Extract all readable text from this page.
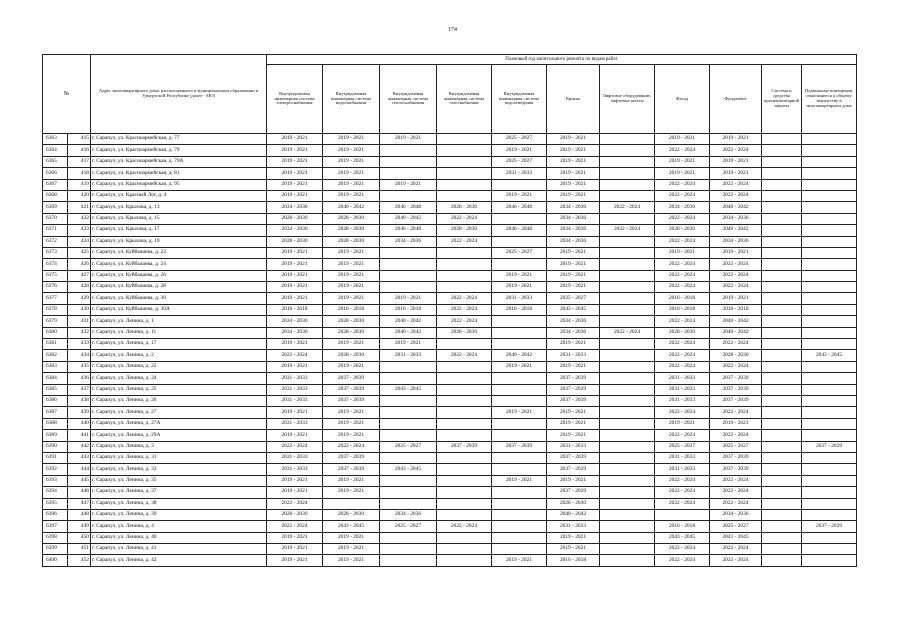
174
№		Адрес многоквартирного дома, расположенного в муниципальном образовании в Удмуртской Республике (далее - МО)	Плановый год капитального ремонта по видам работ										
			Внутридомовая инженерная система электроснабжения	Внутридомовая инженерная система водоснабжения	Внутридомовая инженерная система теплоснабжения	Внутридомовая инженерная система газоснабжения	Внутридомовая инженерная система водоотведения	Крыша	Лифтовое оборудование, лифтовые шахты	Фасад	Фундамент	Система и средства противопожарной защиты	Подвальные помещения, относящиеся к общему имуществу в многоквартирном доме
6363	415	г. Сарапул, ул. Красноармейская, д. 77	2019 - 2021	2019 - 2021	2019 - 2021		2025 - 2027	2019 - 2021		2019 - 2021	2019 - 2021		
6364	416	г. Сарапул, ул. Красноармейская, д. 79	2019 - 2021	2019 - 2021			2019 - 2021	2019 - 2021		2022 - 2024	2022 - 2024		
6365	417	г. Сарапул, ул. Красноармейская, д. 79А	2019 - 2021	2019 - 2021			2025 - 2027	2019 - 2021		2019 - 2021	2019 - 2021		
6366	418	г. Сарапул, ул. Красноармейская, д. 81	2019 - 2021	2019 - 2021			2031 - 2033	2019 - 2021		2019 - 2021	2019 - 2021		
6367	419	г. Сарапул, ул. Красноармейская, д. 95	2019 - 2021	2019 - 2021	2019 - 2021			2019 - 2021		2022 - 2024	2022 - 2024		
6368	420	г. Сарапул, ул. Красный Лог, д. 4	2019 - 2021	2019 - 2021			2019 - 2021	2019 - 2021		2022 - 2024	2022 - 2024		
6369	421	г. Сарапул, ул. Крылова, д. 13	2034 - 2036	2040 - 2042	2046 - 2048	2028 - 2030	2046 - 2048	2034 - 2036	2022 - 2024	2034 - 2036	2040 - 2042		
6370	422	г. Сарапул, ул. Крылова, д. 15	2028 - 2030	2028 - 2030	2040 - 2042	2022 - 2024		2034 - 2036		2022 - 2024	2034 - 2036		
6371	423	г. Сарапул, ул. Крылова, д. 17	2034 - 2036	2028 - 2030	2046 - 2048	2028 - 2030	2046 - 2048	2034 - 2036	2022 - 2024	2028 - 2030	2040 - 2042		
6372	424	г. Сарапул, ул. Крылова, д. 19	2028 - 2030	2028 - 2030	2034 - 2036	2022 - 2024		2034 - 2036		2022 - 2024	2034 - 2036		
6373	425	г. Сарапул, ул. Куйбышева, д. 22	2019 - 2021	2019 - 2021			2025 - 2027	2019 - 2021		2019 - 2021	2019 - 2021		
6374	426	г. Сарапул, ул. Куйбышева, д. 24	2019 - 2021	2019 - 2021				2019 - 2021		2022 - 2024	2022 - 2024		
6375	427	г. Сарапул, ул. Куйбышева, д. 26	2019 - 2021	2019 - 2021			2019 - 2021	2019 - 2021		2022 - 2024	2022 - 2024		
6376	428	г. Сарапул, ул. Куйбышева, д. 28	2019 - 2021	2019 - 2021			2019 - 2021	2019 - 2021		2022 - 2024	2022 - 2024		
6377	429	г. Сарапул, ул. Куйбышева, д. 30	2019 - 2021	2019 - 2021	2019 - 2021	2022 - 2024	2031 - 2033	2025 - 2027		2016 - 2018	2019 - 2021		
6378	430	г. Сарапул, ул. Куйбышева, д. 30А	2016 - 2018	2016 - 2018	2016 - 2018	2022 - 2024	2016 - 2018	2043 - 2045		2016 - 2018	2016 - 2018		
6379	431	г. Сарапул, ул. Ленина, д. 1	2034 - 2036	2028 - 2030	2040 - 2042	2022 - 2024		2034 - 2036		2022 - 2024	2040 - 2042		
6380	432	г. Сарапул, ул. Ленина, д. 11	2034 - 2036	2028 - 2030	2040 - 2042	2028 - 2030		2034 - 2036	2022 - 2024	2028 - 2030	2040 - 2042		
6381	433	г. Сарапул, ул. Ленина, д. 17	2019 - 2021	2019 - 2021	2019 - 2021			2019 - 2021		2022 - 2024	2022 - 2024		
6382	434	г. Сарапул, ул. Ленина, д. 2	2022 - 2024	2028 - 2030	2031 - 2033	2022 - 2024	2040 - 2042	2031 - 2033		2022 - 2024	2028 - 2030		2043 - 2045
6383	435	г. Сарапул, ул. Ленина, д. 22	2019 - 2021	2019 - 2021			2019 - 2021	2019 - 2021		2022 - 2024	2022 - 2024		
6384	436	г. Сарапул, ул. Ленина, д. 24	2031 - 2033	2037 - 2039				2037 - 2039		2031 - 2033	2037 - 2039		
6385	437	г. Сарапул, ул. Ленина, д. 25	2031 - 2033	2037 - 2039	2043 - 2045			2037 - 2039		2031 - 2033	2037 - 2039		
6386	438	г. Сарапул, ул. Ленина, д. 26	2031 - 2033	2037 - 2039				2037 - 2039		2031 - 2033	2037 - 2039		
6387	439	г. Сарапул, ул. Ленина, д. 27	2019 - 2021	2019 - 2021			2019 - 2021	2019 - 2021		2022 - 2024	2022 - 2024		
6388	440	г. Сарапул, ул. Ленина, д. 27А	2031 - 2033	2019 - 2021				2019 - 2021		2019 - 2021	2019 - 2021		
6389	441	г. Сарапул, ул. Ленина, д. 29А	2019 - 2021	2019 - 2021				2019 - 2021		2022 - 2024	2022 - 2024		
6390	442	г. Сарапул, ул. Ленина, д. 3	2022 - 2024	2022 - 2024	2025 - 2027	2037 - 2039	2037 - 2039	2031 - 2033		2025 - 2027	2025 - 2027		2037 - 2039
6391	443	г. Сарапул, ул. Ленина, д. 31	2031 - 2033	2037 - 2039				2037 - 2039		2031 - 2033	2037 - 2039		
6392	444	г. Сарапул, ул. Ленина, д. 33	2031 - 2033	2037 - 2039	2043 - 2045			2037 - 2039		2031 - 2033	2037 - 2039		
6393	445	г. Сарапул, ул. Ленина, д. 35	2019 - 2021	2019 - 2021			2019 - 2021	2019 - 2021		2022 - 2024	2022 - 2024		
6394	446	г. Сарапул, ул. Ленина, д. 37	2019 - 2021	2019 - 2021				2037 - 2039		2022 - 2024	2022 - 2024		
6395	447	г. Сарапул, ул. Ленина, д. 38	2022 - 2024					2028 - 2030		2022 - 2024	2022 - 2024		
6396	448	г. Сарапул, ул. Ленина, д. 39	2028 - 2030	2028 - 2030	2034 - 2036			2040 - 2042			2034 - 2036		
6397	449	г. Сарапул, ул. Ленина, д. 4	2022 - 2024	2043 - 2045	2025 - 2027	2022 - 2024		2031 - 2033		2016 - 2018	2025 - 2027		2037 - 2039
6398	450	г. Сарапул, ул. Ленина, д. 40	2019 - 2021	2019 - 2021				2019 - 2021		2043 - 2045	2043 - 2045		
6399	451	г. Сарапул, ул. Ленина, д. 41	2019 - 2021	2019 - 2021				2019 - 2021		2022 - 2024	2022 - 2024		
6400	452	г. Сарапул, ул. Ленина, д. 42	2019 - 2021	2019 - 2021			2019 - 2021	2016 - 2018		2022 - 2024	2022 - 2024		
